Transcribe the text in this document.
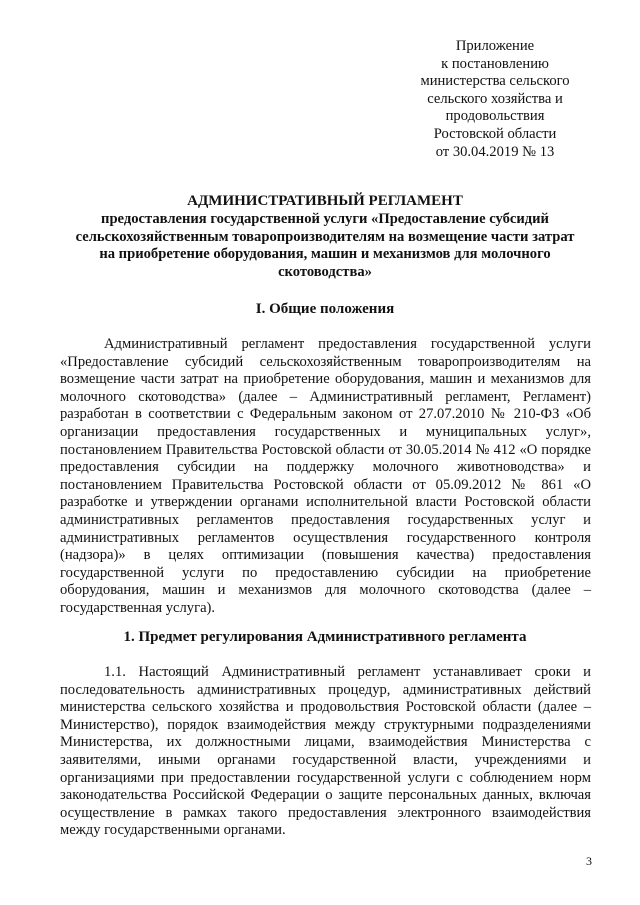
Приложение
к постановлению
министерства сельского
сельского хозяйства и
продовольствия
Ростовской области
от 30.04.2019 № 13
АДМИНИСТРАТИВНЫЙ РЕГЛАМЕНТ
предоставления государственной услуги «Предоставление субсидий сельскохозяйственным товаропроизводителям на возмещение части затрат на приобретение оборудования, машин и механизмов для молочного скотоводства»
I. Общие положения
Административный регламент предоставления государственной услуги «Предоставление субсидий сельскохозяйственным товаропроизводителям на возмещение части затрат на приобретение оборудования, машин и механизмов для молочного скотоводства» (далее – Административный регламент, Регламент) разработан в соответствии с Федеральным законом от 27.07.2010 № 210-ФЗ «Об организации предоставления государственных и муниципальных услуг», постановлением Правительства Ростовской области от 30.05.2014 № 412 «О порядке предоставления субсидии на поддержку молочного животноводства» и постановлением Правительства Ростовской области от 05.09.2012 № 861 «О разработке и утверждении органами исполнительной власти Ростовской области административных регламентов предоставления государственных услуг и административных регламентов осуществления государственного контроля (надзора)» в целях оптимизации (повышения качества) предоставления государственной услуги по предоставлению субсидии на приобретение оборудования, машин и механизмов для молочного скотоводства (далее – государственная услуга).
1. Предмет регулирования Административного регламента
1.1. Настоящий Административный регламент устанавливает сроки и последовательность административных процедур, административных действий министерства сельского хозяйства и продовольствия Ростовской области (далее – Министерство), порядок взаимодействия между структурными подразделениями Министерства, их должностными лицами, взаимодействия Министерства с заявителями, иными органами государственной власти, учреждениями и организациями при предоставлении государственной услуги с соблюдением норм законодательства Российской Федерации о защите персональных данных, включая осуществление в рамках такого предоставления электронного взаимодействия между государственными органами.
3
